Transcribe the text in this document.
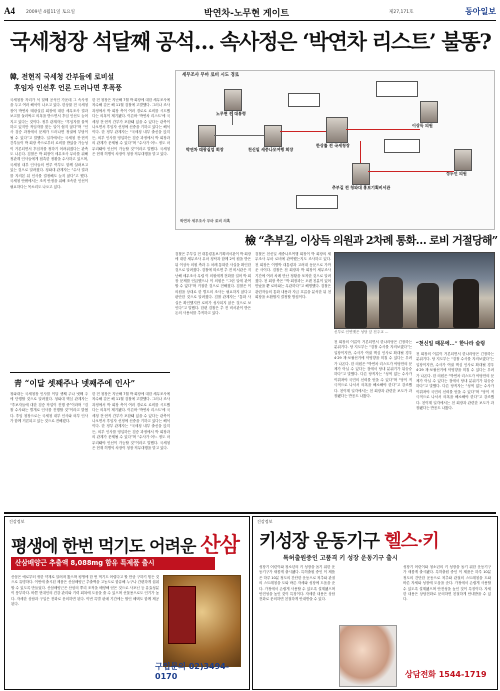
A4 2009년 4월11일 토요일	박연차-노무현 게이트	제27,171호	동아일보
국세청장 석달째 공석… 속사정은 ‘박연차 리스트’ 불똥?
韓, 전현직 국세청 간부들에 로비설
후임자 인선후 언론 드러나면 후폭풍
국세청장 자리가 석 달째 공석인 가운데 그 속사정을 두고 여러 해석이 나오고 있다. 한상률 전 국세청장이 박연차 태광실업 회장에 대한 세무조사 결과 보고를 둘러싸고 의혹을 받으면서 후임 인선도 늦어지고 있다는 것이다. 정부 관계자는 “후임자를 물색하고 있지만 적임자를 찾는 일이 쉽지 않다”며 “인사 검증 과정에서 문제가 드러나면 정권에 부담이 될 수 있다”고 말했다. 일각에서는 국세청 전·현직 간부들이 박 회장 측으로부터 로비를 받았을 가능성이 거론되면서 후임자를 정하기 어려워졌다는 관측도 나온다. 검찰은 박 회장이 세무조사 무마를 위해 정관계 인사들에게 접촉한 정황을 수사하고 있으며, 국세청 내부 인사들의 연루 여부도 함께 살펴보고 있는 것으로 알려졌다. 청와대 관계자는 “수사 결과를 지켜본 뒤 인사를 결정해도 늦지 않다”고 했다. 국세청 안팎에서는 조직 안정을 위해 조속한 인선이 필요하다는 목소리도 나오고 있다.
한 전 청장은 지난해 7월 박 회장에 대한 세무조사에 착수해 같은 해 11월 검찰에 고발했다. 그러나 조사 과정에서 박 회장 측이 여러 경로로 로비를 시도했다는 의혹이 제기됐다. 이른바 ‘박연차 리스트’에 국세청 전·현직 간부가 포함돼 있을 수 있다는 관측이 나오면서 후임자 선정에 신중을 기하고 있다는 해석이다. 한 정부 관계자는 “국세청 내부 출신을 앉히든, 외부 인사를 영입하든 검증 과정에서 박 회장과의 관계가 문제될 수 있다”며 “수사가 어느 정도 마무리돼야 인선이 가능할 것”이라고 말했다. 국세청은 현재 허병익 차장이 청장 직무대행을 맡고 있다.
세무조사 무마 로비 시도 경로
노무현 전 대통령
박연차 태광실업 회장	천신일 세중나모여행 회장
한상률 전 국세청장
추부길 전 청와대 홍보기획비서관
이상득 의원
정두언 의원
박연차 세무조사 무마 로비 의혹
檢 “추부길, 이상득 의원과 2차례 통화… 로비 거절당해”
검찰은 추부길 전 대통령홍보기획비서관이 박 회장에 대한 세무조사 무마 청탁과 함께 2억 원을 받은 뒤 이상득 의원 측과 두 차례 통화한 사실을 확인한 것으로 알려졌다. 검찰에 따르면 추 전 비서관은 지난해 세무조사 무렵 이 의원에게 전화를 걸어 박 회장 문제를 언급했으나 이 의원은 “그런 일에 관여할 수 없다”며 거절한 것으로 전해졌다. 검찰은 이 의원을 상대로 한 별도의 조사는 필요하지 않다고 판단한 것으로 알려졌다. 검찰 관계자는 “통화 사실은 확인했지만 로비가 성사되지 않은 것으로 보인다”고 말했다. 한편 검찰은 추 전 비서관이 받은 돈의 사용처를 추적하고 있다.
검찰은 천신일 세중나모여행 회장이 박 회장의 세무조사 무마 로비에 관여했는지도 조사하고 있다. 천 회장은 이명박 대통령과 고려대 동문으로 가까운 사이다. 검찰은 천 회장과 박 회장이 세무조사 기간에 여러 차례 만난 정황을 포착한 것으로 알려졌다. 천 회장 측은 “박 회장과는 오랜 친분이 있어 만났을 뿐 로비와는 무관하다”고 해명했다. 검찰은 관련자들의 통화 내용과 자금 흐름을 분석한 뒤 천 회장을 소환할지 결정할 방침이다.
신부로 인연맺은 성당 앞 천주교 …
천 회장의 이름이 거론되면서 한나라당은 긴장하는 분위기다. 당 지도부는 “검찰 수사를 지켜보겠다”는 입장이지만, 수사가 여권 핵심 인사로 확대될 경우 4·29 재·보궐선거에 악영향을 미칠 수 있다는 우려가 나온다. 한 의원은 “박연차 리스트가 야당만의 문제가 아닐 수 있다는 점에서 당내 분위기가 뒤숭숭하다”고 말했다. 다른 당직자는 “성역 없는 수사가 이뤄져야 국민의 신뢰를 얻을 수 있다”며 “당이 적극적으로 나서서 의혹을 해소해야 한다”고 강조했다. 친이계 일각에서는 천 회장과 관련한 보도가 과장됐다는 반응도 나왔다.
“천신일 때문에…” 한나라 술렁
천 회장의 이름이 거론되면서 한나라당은 긴장하는 분위기다. 당 지도부는 “검찰 수사를 지켜보겠다”는 입장이지만, 수사가 여권 핵심 인사로 확대될 경우 4·29 재·보궐선거에 악영향을 미칠 수 있다는 우려가 나온다. 한 의원은 “박연차 리스트가 야당만의 문제가 아닐 수 있다는 점에서 당내 분위기가 뒤숭숭하다”고 말했다. 다른 당직자는 “성역 없는 수사가 이뤄져야 국민의 신뢰를 얻을 수 있다”며 “당이 적극적으로 나서서 의혹을 해소해야 한다”고 강조했다. 친이계 일각에서는 천 회장과 관련한 보도가 과장됐다는 반응도 나왔다.
靑 “이달 셋째주나 넷째주에 인사”
청와대는 국세청장 인사를 이달 셋째 주나 넷째 주에 단행할 것으로 알려졌다. 청와대 핵심 관계자는 “후보자들에 대한 검증 작업이 진행 중”이라며 “검찰 수사와는 별개로 인사를 진행할 것”이라고 밝혔다. 후임 청장으로는 국세청 내부 인사와 외부 인사가 함께 거론되고 있는 것으로 전해졌다.
한 전 청장은 지난해 7월 박 회장에 대한 세무조사에 착수해 같은 해 11월 검찰에 고발했다. 그러나 조사 과정에서 박 회장 측이 여러 경로로 로비를 시도했다는 의혹이 제기됐다. 이른바 ‘박연차 리스트’에 국세청 전·현직 간부가 포함돼 있을 수 있다는 관측이 나오면서 후임자 선정에 신중을 기하고 있다는 해석이다. 한 정부 관계자는 “국세청 내부 출신을 앉히든, 외부 인사를 영입하든 검증 과정에서 박 회장과의 관계가 문제될 수 있다”며 “수사가 어느 정도 마무리돼야 인선이 가능할 것”이라고 말했다. 국세청은 현재 허병익 차장이 청장 직무대행을 맡고 있다.
건강정보
평생에 한번 먹기도 어려운 산삼
산삼배양근 추출액 8,088mg 함유 특제품 출시
산삼은 예로부터 귀한 약재로 알려져 왔으며 평생에 한 번 먹기도 어렵다고 할 만큼 구하기 힘든 것으로 유명하다. 이번에 출시된 제품은 산삼배양근 추출액을 고농도로 함유해 누구나 간편하게 섭취할 수 있도록 만들었다. 산삼배양근은 산삼의 뿌리 조직을 배양해 얻은 것으로 사포닌 등 유효성분이 풍부하다. 바쁜 현대인의 건강 관리와 기력 회복에 도움을 줄 수 있으며 선물용으로도 인기가 높다. 자세한 상담과 구입은 전화로 문의하면 된다. 이번 특별 판매 기간에는 할인 혜택도 함께 제공된다.
구입문의 02)3494-0170
건강정보
키성장 운동기구 헬스·키
특허출원중인 고품격 키 성장 운동기구 출시
성장기 어린이와 청소년의 키 성장을 돕기 위한 운동기구가 새롭게 출시됐다. 특허출원 중인 이 제품은 하루 10분 정도의 간단한 운동으로 척추와 관절의 스트레칭을 도와 바른 자세와 성장에 도움을 준다. 가정에서 손쉽게 사용할 수 있도록 설계됐으며 안전성을 높인 것이 특징이다. 자세한 내용은 상담전화로 문의하면 친절하게 안내받을 수 있다.
성장기 어린이와 청소년의 키 성장을 돕기 위한 운동기구가 새롭게 출시됐다. 특허출원 중인 이 제품은 하루 10분 정도의 간단한 운동으로 척추와 관절의 스트레칭을 도와 바른 자세와 성장에 도움을 준다. 가정에서 손쉽게 사용할 수 있도록 설계됐으며 안전성을 높인 것이 특징이다. 자세한 내용은 상담전화로 문의하면 친절하게 안내받을 수 있다.
상담전화 1544-1719
